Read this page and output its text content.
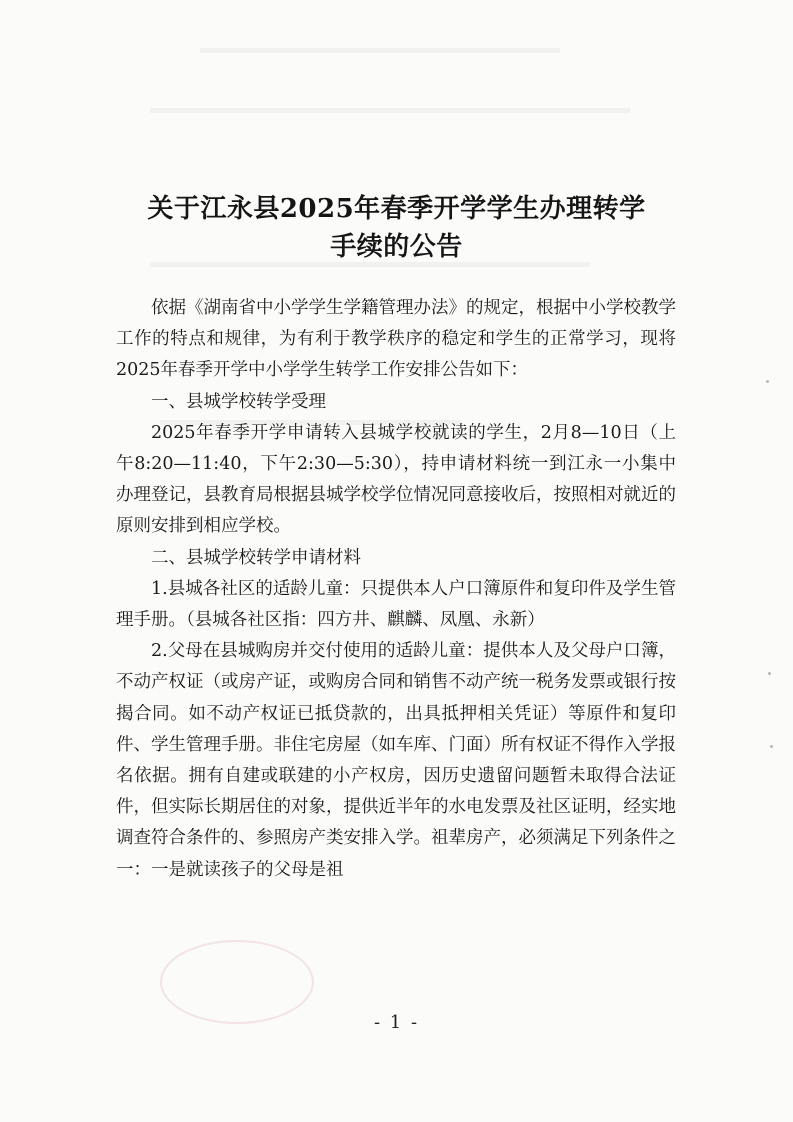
关于江永县2025年春季开学学生办理转学
手续的公告

依据《湖南省中小学学生学籍管理办法》的规定，根据中小学校教学工作的特点和规律，为有利于教学秩序的稳定和学生的正常学习，现将2025年春季开学中小学学生转学工作安排公告如下：

一、县城学校转学受理

2025年春季开学申请转入县城学校就读的学生，2月8—10日（上午8:20—11:40，下午2:30—5:30），持申请材料统一到江永一小集中办理登记，县教育局根据县城学校学位情况同意接收后，按照相对就近的原则安排到相应学校。

二、县城学校转学申请材料

1.县城各社区的适龄儿童：只提供本人户口簿原件和复印件及学生管理手册。（县城各社区指：四方井、麒麟、凤凰、永新）

2.父母在县城购房并交付使用的适龄儿童：提供本人及父母户口簿，不动产权证（或房产证，或购房合同和销售不动产统一税务发票或银行按揭合同。如不动产权证已抵贷款的，出具抵押相关凭证）等原件和复印件、学生管理手册。非住宅房屋（如车库、门面）所有权证不得作入学报名依据。拥有自建或联建的小产权房，因历史遗留问题暂未取得合法证件，但实际长期居住的对象，提供近半年的水电发票及社区证明，经实地调查符合条件的、参照房产类安排入学。祖辈房产，必须满足下列条件之一：一是就读孩子的父母是祖

- 1 -
